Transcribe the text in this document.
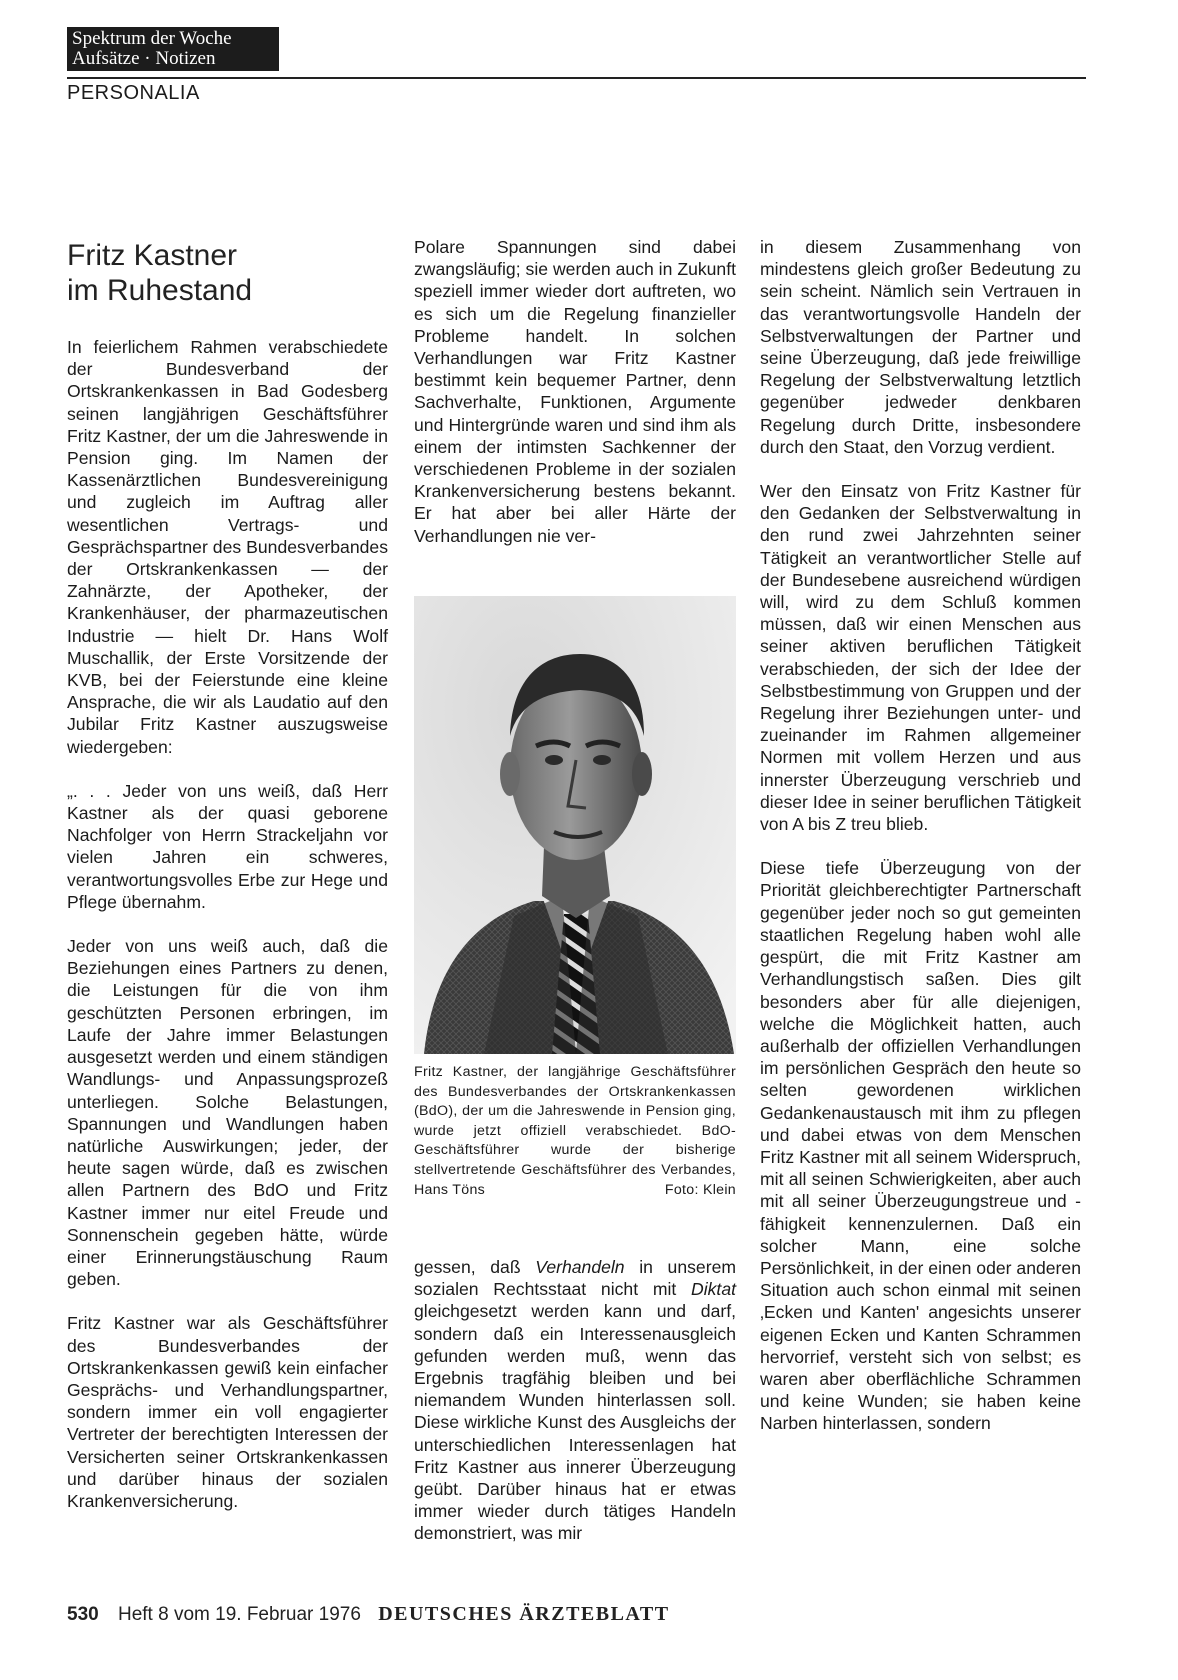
Spektrum der Woche
Aufsätze · Notizen
PERSONALIA
Fritz Kastner
im Ruhestand

In feierlichem Rahmen verabschiedete der Bundesverband der Ortskrankenkassen in Bad Godesberg seinen langjährigen Geschäftsführer Fritz Kastner, der um die Jahreswende in Pension ging. Im Namen der Kassenärztlichen Bundesvereinigung und zugleich im Auftrag aller wesentlichen Vertrags- und Gesprächspartner des Bundesverbandes der Ortskrankenkassen — der Zahnärzte, der Apotheker, der Krankenhäuser, der pharmazeutischen Industrie — hielt Dr. Hans Wolf Muschallik, der Erste Vorsitzende der KVB, bei der Feierstunde eine kleine Ansprache, die wir als Laudatio auf den Jubilar Fritz Kastner auszugsweise wiedergeben:

„. . . Jeder von uns weiß, daß Herr Kastner als der quasi geborene Nachfolger von Herrn Strackeljahn vor vielen Jahren ein schweres, verantwortungsvolles Erbe zur Hege und Pflege übernahm.

Jeder von uns weiß auch, daß die Beziehungen eines Partners zu denen, die Leistungen für die von ihm geschützten Personen erbringen, im Laufe der Jahre immer Belastungen ausgesetzt werden und einem ständigen Wandlungs- und Anpassungsprozeß unterliegen. Solche Belastungen, Spannungen und Wandlungen haben natürliche Auswirkungen; jeder, der heute sagen würde, daß es zwischen allen Partnern des BdO und Fritz Kastner immer nur eitel Freude und Sonnenschein gegeben hätte, würde einer Erinnerungstäuschung Raum geben.

Fritz Kastner war als Geschäftsführer des Bundesverbandes der Ortskrankenkassen gewiß kein einfacher Gesprächs- und Verhandlungspartner, sondern immer ein voll engagierter Vertreter der berechtigten Interessen der Versicherten seiner Ortskrankenkassen und darüber hinaus der sozialen Krankenversicherung.

Polare Spannungen sind dabei zwangsläufig; sie werden auch in Zukunft speziell immer wieder dort auftreten, wo es sich um die Regelung finanzieller Probleme handelt. In solchen Verhandlungen war Fritz Kastner bestimmt kein bequemer Partner, denn Sachverhalte, Funktionen, Argumente und Hintergründe waren und sind ihm als einem der intimsten Sachkenner der verschiedenen Probleme in der sozialen Krankenversicherung bestens bekannt. Er hat aber bei aller Härte der Verhandlungen nie ver-

Fritz Kastner, der langjährige Geschäftsführer des Bundesverbandes der Ortskrankenkassen (BdO), der um die Jahreswende in Pension ging, wurde jetzt offiziell verabschiedet. BdO-Geschäftsführer wurde der bisherige stellvertretende Geschäftsführer des Verbandes, Hans Töns	Foto: Klein

gessen, daß Verhandeln in unserem sozialen Rechtsstaat nicht mit Diktat gleichgesetzt werden kann und darf, sondern daß ein Interessenausgleich gefunden werden muß, wenn das Ergebnis tragfähig bleiben und bei niemandem Wunden hinterlassen soll. Diese wirkliche Kunst des Ausgleichs der unterschiedlichen Interessenlagen hat Fritz Kastner aus innerer Überzeugung geübt. Darüber hinaus hat er etwas immer wieder durch tätiges Handeln demonstriert, was mir

in diesem Zusammenhang von mindestens gleich großer Bedeutung zu sein scheint. Nämlich sein Vertrauen in das verantwortungsvolle Handeln der Selbstverwaltungen der Partner und seine Überzeugung, daß jede freiwillige Regelung der Selbstverwaltung letztlich gegenüber jedweder denkbaren Regelung durch Dritte, insbesondere durch den Staat, den Vorzug verdient.

Wer den Einsatz von Fritz Kastner für den Gedanken der Selbstverwaltung in den rund zwei Jahrzehnten seiner Tätigkeit an verantwortlicher Stelle auf der Bundesebene ausreichend würdigen will, wird zu dem Schluß kommen müssen, daß wir einen Menschen aus seiner aktiven beruflichen Tätigkeit verabschieden, der sich der Idee der Selbstbestimmung von Gruppen und der Regelung ihrer Beziehungen unter- und zueinander im Rahmen allgemeiner Normen mit vollem Herzen und aus innerster Überzeugung verschrieb und dieser Idee in seiner beruflichen Tätigkeit von A bis Z treu blieb.

Diese tiefe Überzeugung von der Priorität gleichberechtigter Partnerschaft gegenüber jeder noch so gut gemeinten staatlichen Regelung haben wohl alle gespürt, die mit Fritz Kastner am Verhandlungstisch saßen. Dies gilt besonders aber für alle diejenigen, welche die Möglichkeit hatten, auch außerhalb der offiziellen Verhandlungen im persönlichen Gespräch den heute so selten gewordenen wirklichen Gedankenaustausch mit ihm zu pflegen und dabei etwas von dem Menschen Fritz Kastner mit all seinem Widerspruch, mit all seinen Schwierigkeiten, aber auch mit all seiner Überzeugungstreue und -fähigkeit kennenzulernen. Daß ein solcher Mann, eine solche Persönlichkeit, in der einen oder anderen Situation auch schon einmal mit seinen ‚Ecken und Kanten' angesichts unserer eigenen Ecken und Kanten Schrammen hervorrief, versteht sich von selbst; es waren aber oberflächliche Schrammen und keine Wunden; sie haben keine Narben hinterlassen, sondern

530 Heft 8 vom 19. Februar 1976 DEUTSCHES ÄRZTEBLATT
